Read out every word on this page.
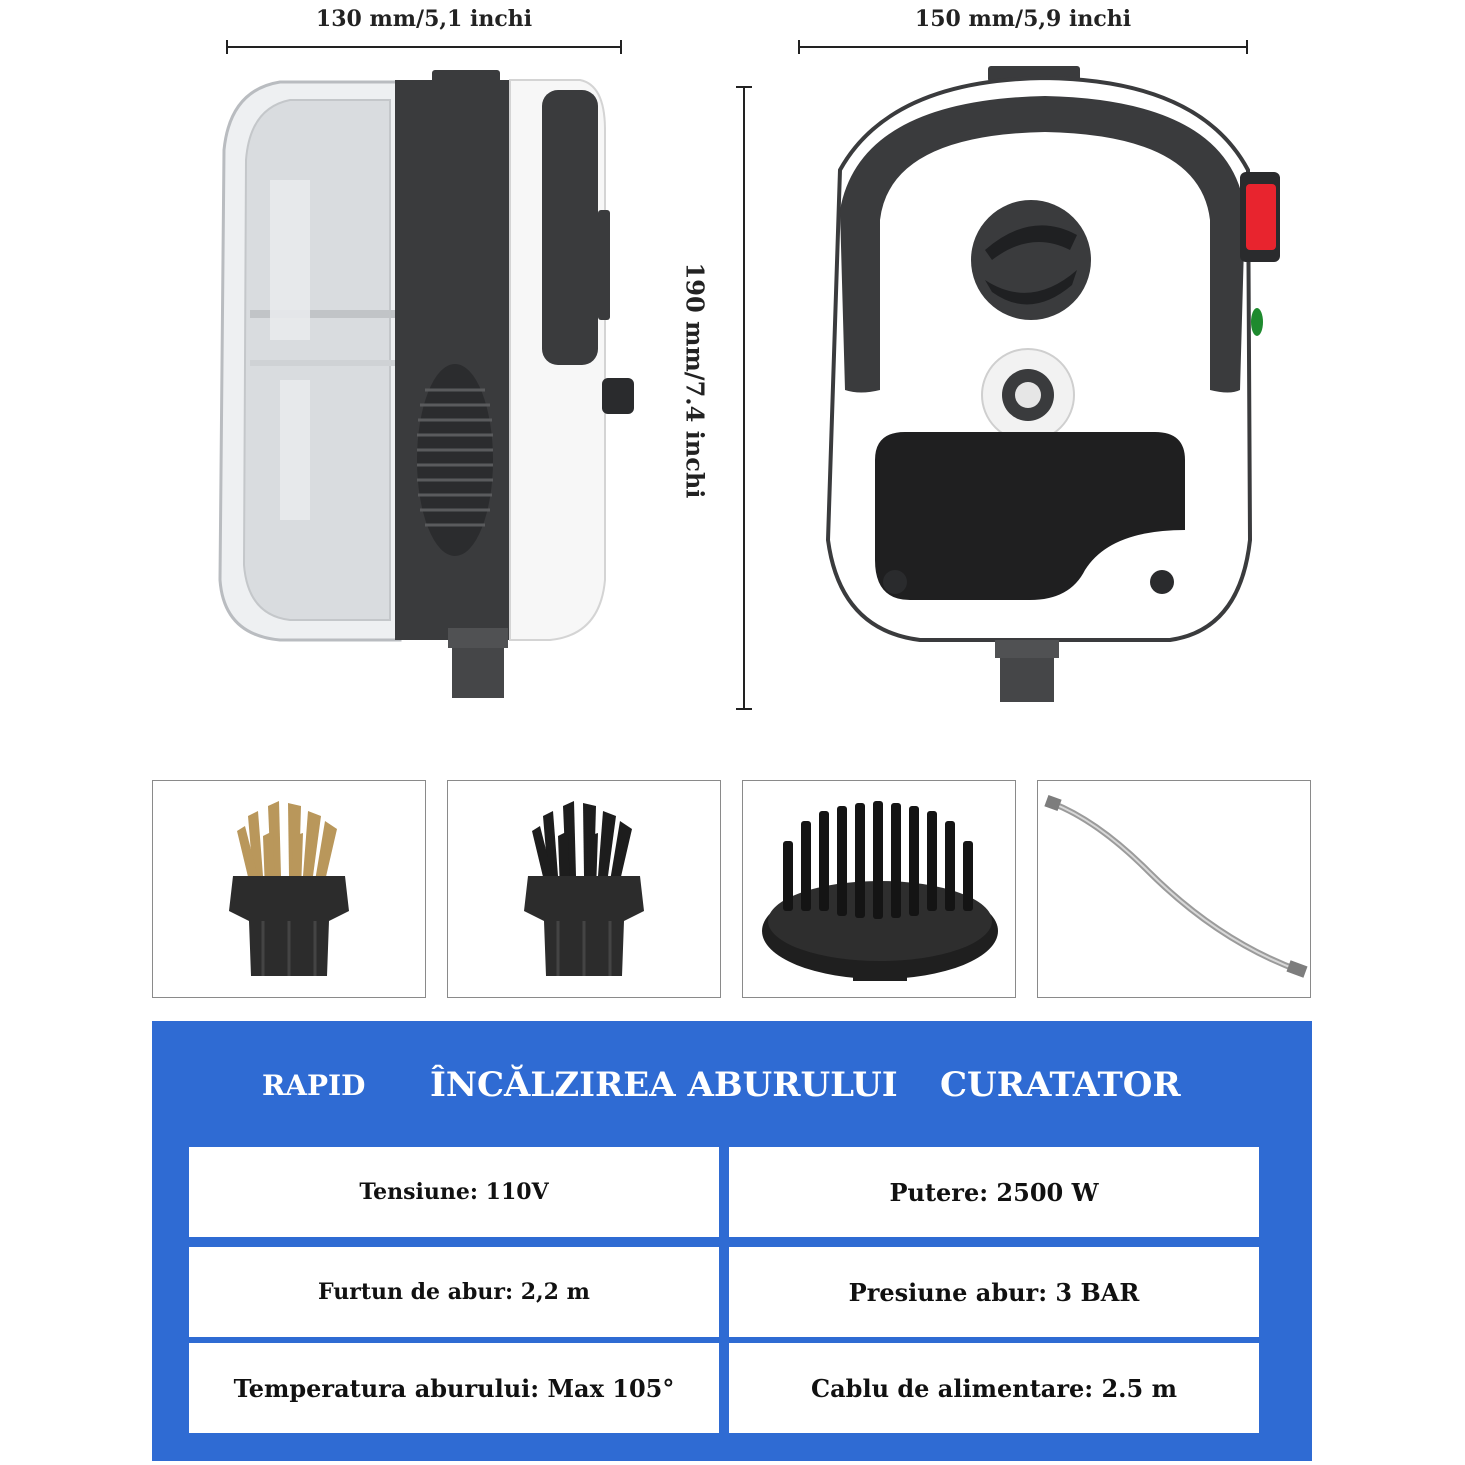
130 mm/5,1 inchi	150 mm/5,9 inchi
190 mm/7.4 inchi
RAPID ÎNCĂLZIREA ABURULUI CURATATOR
Tensiune: 110V	Putere: 2500 W
Furtun de abur: 2,2 m	Presiune abur: 3 BAR
Temperatura aburului: Max 105°	Cablu de alimentare: 2.5 m
